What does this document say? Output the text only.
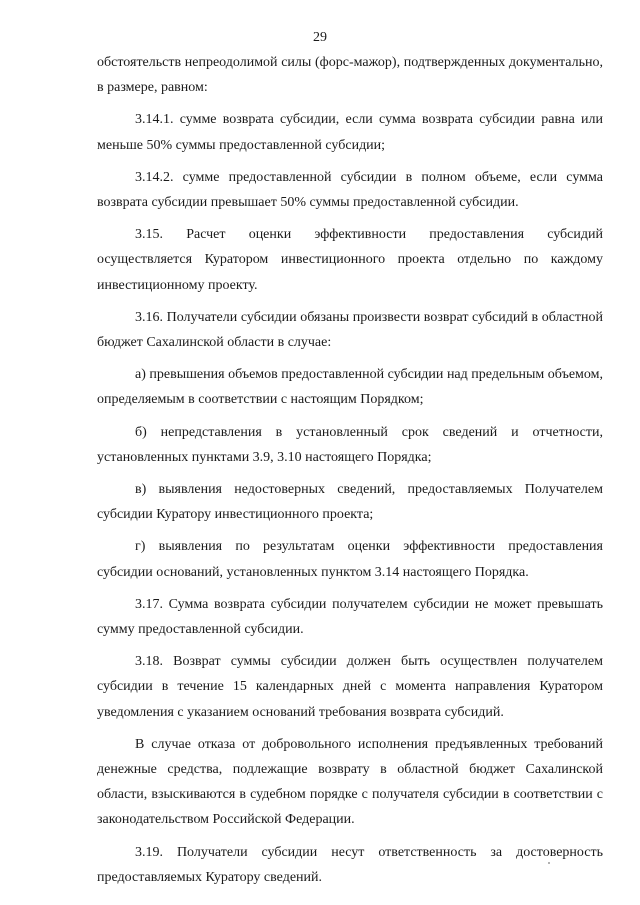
29

обстоятельств непреодолимой силы (форс-мажор), подтвержденных документально, в размере, равном:

3.14.1. сумме возврата субсидии, если сумма возврата субсидии равна или меньше 50% суммы предоставленной субсидии;

3.14.2. сумме предоставленной субсидии в полном объеме, если сумма возврата субсидии превышает 50% суммы предоставленной субсидии.

3.15. Расчет оценки эффективности предоставления субсидий осуществляется Куратором инвестиционного проекта отдельно по каждому инвестиционному проекту.

3.16. Получатели субсидии обязаны произвести возврат субсидий в областной бюджет Сахалинской области в случае:

а) превышения объемов предоставленной субсидии над предельным объемом, определяемым в соответствии с настоящим Порядком;

б) непредставления в установленный срок сведений и отчетности, установленных пунктами 3.9, 3.10 настоящего Порядка;

в) выявления недостоверных сведений, предоставляемых Получателем субсидии Куратору инвестиционного проекта;

г) выявления по результатам оценки эффективности предоставления субсидии оснований, установленных пунктом 3.14 настоящего Порядка.

3.17. Сумма возврата субсидии получателем субсидии не может превышать сумму предоставленной субсидии.

3.18. Возврат суммы субсидии должен быть осуществлен получателем субсидии в течение 15 календарных дней с момента направления Куратором уведомления с указанием оснований требования возврата субсидий.

В случае отказа от добровольного исполнения предъявленных требований денежные средства, подлежащие возврату в областной бюджет Сахалинской области, взыскиваются в судебном порядке с получателя субсидии в соответствии с законодательством Российской Федерации.

3.19. Получатели субсидии несут ответственность за достоверность предоставляемых Куратору сведений.
